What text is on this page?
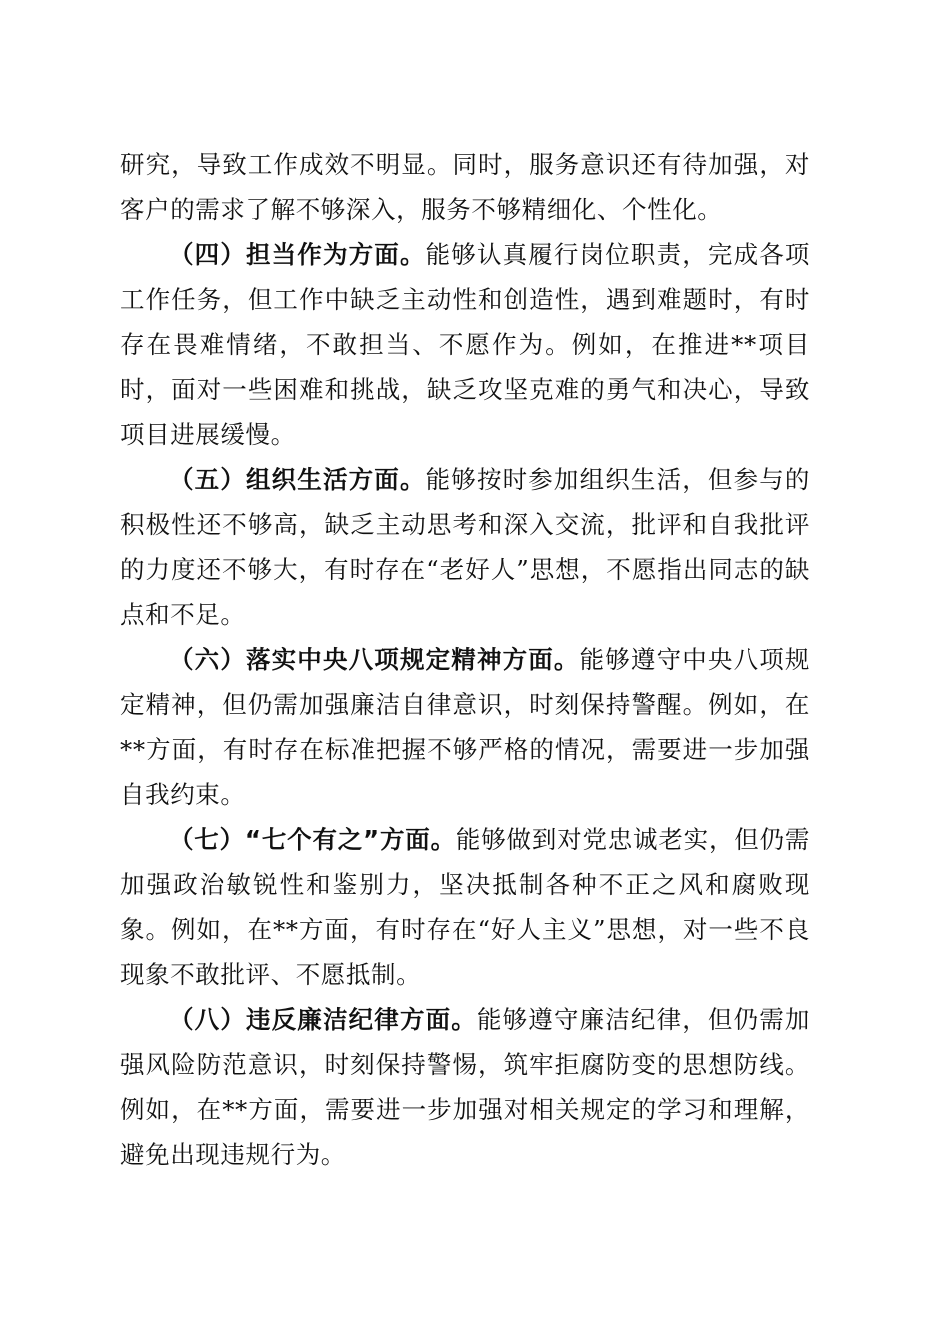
研究，导致工作成效不明显。同时，服务意识还有待加强，对客户的需求了解不够深入，服务不够精细化、个性化。

（四）担当作为方面。能够认真履行岗位职责，完成各项工作任务，但工作中缺乏主动性和创造性，遇到难题时，有时存在畏难情绪，不敢担当、不愿作为。例如，在推进**项目时，面对一些困难和挑战，缺乏攻坚克难的勇气和决心，导致项目进展缓慢。

（五）组织生活方面。能够按时参加组织生活，但参与的积极性还不够高，缺乏主动思考和深入交流，批评和自我批评的力度还不够大，有时存在“老好人”思想，不愿指出同志的缺点和不足。

（六）落实中央八项规定精神方面。能够遵守中央八项规定精神，但仍需加强廉洁自律意识，时刻保持警醒。例如，在**方面，有时存在标准把握不够严格的情况，需要进一步加强自我约束。

（七）“七个有之”方面。能够做到对党忠诚老实，但仍需加强政治敏锐性和鉴别力，坚决抵制各种不正之风和腐败现象。例如，在**方面，有时存在“好人主义”思想，对一些不良现象不敢批评、不愿抵制。

（八）违反廉洁纪律方面。能够遵守廉洁纪律，但仍需加强风险防范意识，时刻保持警惕，筑牢拒腐防变的思想防线。例如，在**方面，需要进一步加强对相关规定的学习和理解，避免出现违规行为。
